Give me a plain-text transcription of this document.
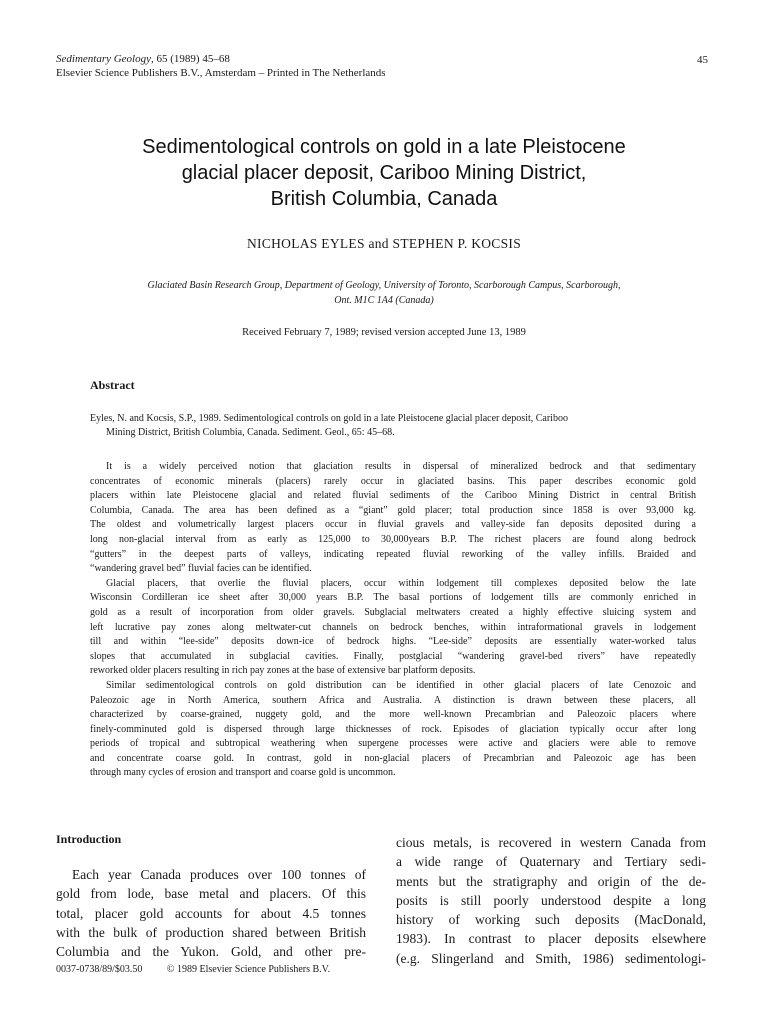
Sedimentary Geology, 65 (1989) 45–68
Elsevier Science Publishers B.V., Amsterdam – Printed in The Netherlands
45
Sedimentological controls on gold in a late Pleistocene
glacial placer deposit, Cariboo Mining District,
British Columbia, Canada
NICHOLAS EYLES and STEPHEN P. KOCSIS
Glaciated Basin Research Group, Department of Geology, University of Toronto, Scarborough Campus, Scarborough,
Ont. M1C 1A4 (Canada)
Received February 7, 1989; revised version accepted June 13, 1989
Abstract
Eyles, N. and Kocsis, S.P., 1989. Sedimentological controls on gold in a late Pleistocene glacial placer deposit, Cariboo
Mining District, British Columbia, Canada. Sediment. Geol., 65: 45–68.
It is a widely perceived notion that glaciation results in dispersal of mineralized bedrock and that sedimentary
concentrates of economic minerals (placers) rarely occur in glaciated basins. This paper describes economic gold
placers within late Pleistocene glacial and related fluvial sediments of the Cariboo Mining District in central British
Columbia, Canada. The area has been defined as a “giant” gold placer; total production since 1858 is over 93,000 kg.
The oldest and volumetrically largest placers occur in fluvial gravels and valley-side fan deposits deposited during a
long non-glacial interval from as early as 125,000 to 30,000years B.P. The richest placers are found along bedrock
“gutters” in the deepest parts of valleys, indicating repeated fluvial reworking of the valley infills. Braided and
“wandering gravel bed” fluvial facies can be identified.
Glacial placers, that overlie the fluvial placers, occur within lodgement till complexes deposited below the late
Wisconsin Cordilleran ice sheet after 30,000 years B.P. The basal portions of lodgement tills are commonly enriched in
gold as a result of incorporation from older gravels. Subglacial meltwaters created a highly effective sluicing system and
left lucrative pay zones along meltwater-cut channels on bedrock benches, within intraformational gravels in lodgement
till and within “lee-side” deposits down-ice of bedrock highs. “Lee-side” deposits are essentially water-worked talus
slopes that accumulated in subglacial cavities. Finally, postglacial “wandering gravel-bed rivers” have repeatedly
reworked older placers resulting in rich pay zones at the base of extensive bar platform deposits.
Similar sedimentological controls on gold distribution can be identified in other glacial placers of late Cenozoic and
Paleozoic age in North America, southern Africa and Australia. A distinction is drawn between these placers, all
characterized by coarse-grained, nuggety gold, and the more well-known Precambrian and Paleozoic placers where
finely-comminuted gold is dispersed through large thicknesses of rock. Episodes of glaciation typically occur after long
periods of tropical and subtropical weathering when supergene processes were active and glaciers were able to remove
and concentrate coarse gold. In contrast, gold in non-glacial placers of Precambrian and Paleozoic age has been
through many cycles of erosion and transport and coarse gold is uncommon.
Introduction
Each year Canada produces over 100 tonnes of
gold from lode, base metal and placers. Of this
total, placer gold accounts for about 4.5 tonnes
with the bulk of production shared between British
Columbia and the Yukon. Gold, and other pre-
cious metals, is recovered in western Canada from
a wide range of Quaternary and Tertiary sedi-
ments but the stratigraphy and origin of the de-
posits is still poorly understood despite a long
history of working such deposits (MacDonald,
1983). In contrast to placer deposits elsewhere
(e.g. Slingerland and Smith, 1986) sedimentologi-
0037-0738/89/$03.50 © 1989 Elsevier Science Publishers B.V.
